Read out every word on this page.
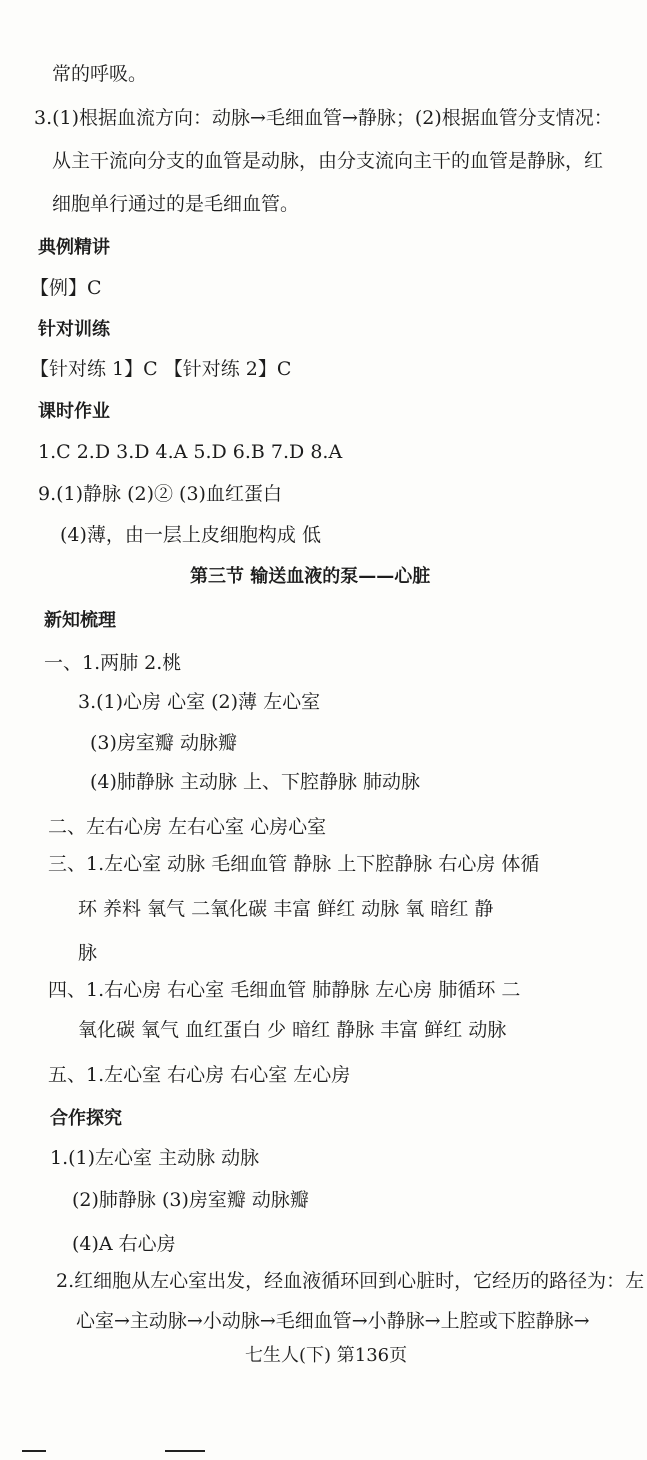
常的呼吸。
3.(1)根据血流方向：动脉→毛细血管→静脉；(2)根据血管分支情况：
从主干流向分支的血管是动脉，由分支流向主干的血管是静脉，红
细胞单行通过的是毛细血管。
典例精讲
【例】C
针对训练
【针对练 1】C 【针对练 2】C
课时作业
1.C 2.D 3.D 4.A 5.D 6.B 7.D 8.A
9.(1)静脉 (2)② (3)血红蛋白
(4)薄，由一层上皮细胞构成 低
第三节 输送血液的泵——心脏
新知梳理
一、1.两肺 2.桃
3.(1)心房 心室 (2)薄 左心室
(3)房室瓣 动脉瓣
(4)肺静脉 主动脉 上、下腔静脉 肺动脉
二、左右心房 左右心室 心房心室
三、1.左心室 动脉 毛细血管 静脉 上下腔静脉 右心房 体循
环 养料 氧气 二氧化碳 丰富 鲜红 动脉 氧 暗红 静
脉
四、1.右心房 右心室 毛细血管 肺静脉 左心房 肺循环 二
氧化碳 氧气 血红蛋白 少 暗红 静脉 丰富 鲜红 动脉
五、1.左心室 右心房 右心室 左心房
合作探究
1.(1)左心室 主动脉 动脉
(2)肺静脉 (3)房室瓣 动脉瓣
(4)A 右心房
2.红细胞从左心室出发，经血液循环回到心脏时，它经历的路径为：左
心室→主动脉→小动脉→毛细血管→小静脉→上腔或下腔静脉→
七生人(下) 第136页
